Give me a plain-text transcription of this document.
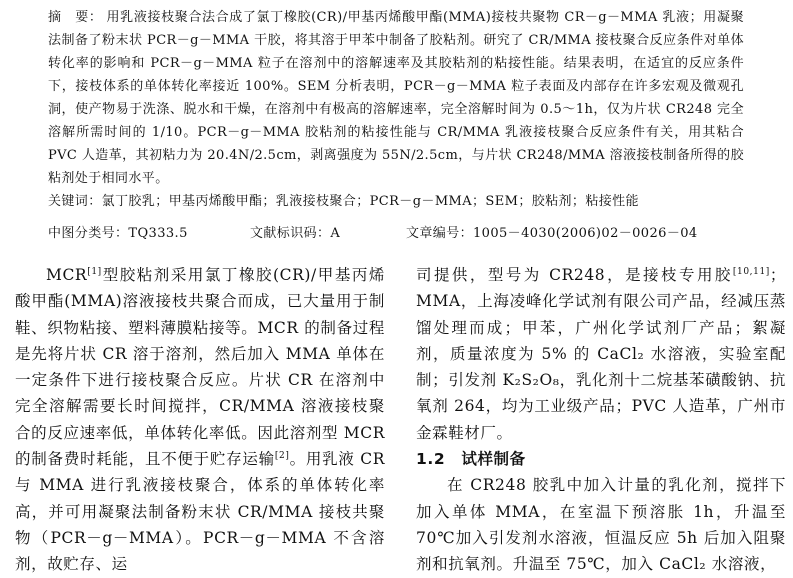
摘　要： 用乳液接枝聚合法合成了氯丁橡胶(CR)/甲基丙烯酸甲酯(MMA)接枝共聚物 CR－g－MMA 乳液；用凝聚法制备了粉末状 PCR－g－MMA 干胶，将其溶于甲苯中制备了胶粘剂。研究了 CR/MMA 接枝聚合反应条件对单体转化率的影响和 PCR－g－MMA 粒子在溶剂中的溶解速率及其胶粘剂的粘接性能。结果表明，在适宜的反应条件下，接枝体系的单体转化率接近 100%。SEM 分析表明，PCR－g－MMA 粒子表面及内部存在许多宏观及微观孔洞，使产物易于洗涤、脱水和干燥，在溶剂中有极高的溶解速率，完全溶解时间为 0.5～1h，仅为片状 CR248 完全溶解所需时间的 1/10。PCR－g－MMA 胶粘剂的粘接性能与 CR/MMA 乳液接枝聚合反应条件有关，用其粘合 PVC 人造革，其初粘力为 20.4N/2.5cm，剥离强度为 55N/2.5cm，与片状 CR248/MMA 溶液接枝制备所得的胶粘剂处于相同水平。
关键词：氯丁胶乳；甲基丙烯酸甲酯；乳液接枝聚合；PCR－g－MMA；SEM；胶粘剂；粘接性能
中图分类号：TQ333.5	文献标识码：A	文章编号：1005－4030(2006)02－0026－04

MCR[1]型胶粘剂采用氯丁橡胶(CR)/甲基丙烯酸甲酯(MMA)溶液接枝共聚合而成，已大量用于制鞋、织物粘接、塑料薄膜粘接等。MCR 的制备过程是先将片状 CR 溶于溶剂，然后加入 MMA 单体在一定条件下进行接枝聚合反应。片状 CR 在溶剂中完全溶解需要长时间搅拌，CR/MMA 溶液接枝聚合的反应速率低，单体转化率低。因此溶剂型 MCR 的制备费时耗能，且不便于贮存运输[2]。用乳液 CR 与 MMA 进行乳液接枝聚合，体系的单体转化率高，并可用凝聚法制备粉末状 CR/MMA 接枝共聚物（PCR－g－MMA）。PCR－g－MMA 不含溶剂，故贮存、运

司提供，型号为 CR248，是接枝专用胶[10,11]；MMA，上海凌峰化学试剂有限公司产品，经减压蒸馏处理而成；甲苯，广州化学试剂厂产品；絮凝剂，质量浓度为 5% 的 CaCl₂ 水溶液，实验室配制；引发剂 K₂S₂O₈，乳化剂十二烷基苯磺酸钠、抗氧剂 264，均为工业级产品；PVC 人造革，广州市金霖鞋材厂。

1.2　试样制备

在 CR248 胶乳中加入计量的乳化剂，搅拌下加入单体 MMA，在室温下预溶胀 1h，升温至 70℃加入引发剂水溶液，恒温反应 5h 后加入阻聚剂和抗氧剂。升温至 75℃，加入 CaCl₂ 水溶液，
